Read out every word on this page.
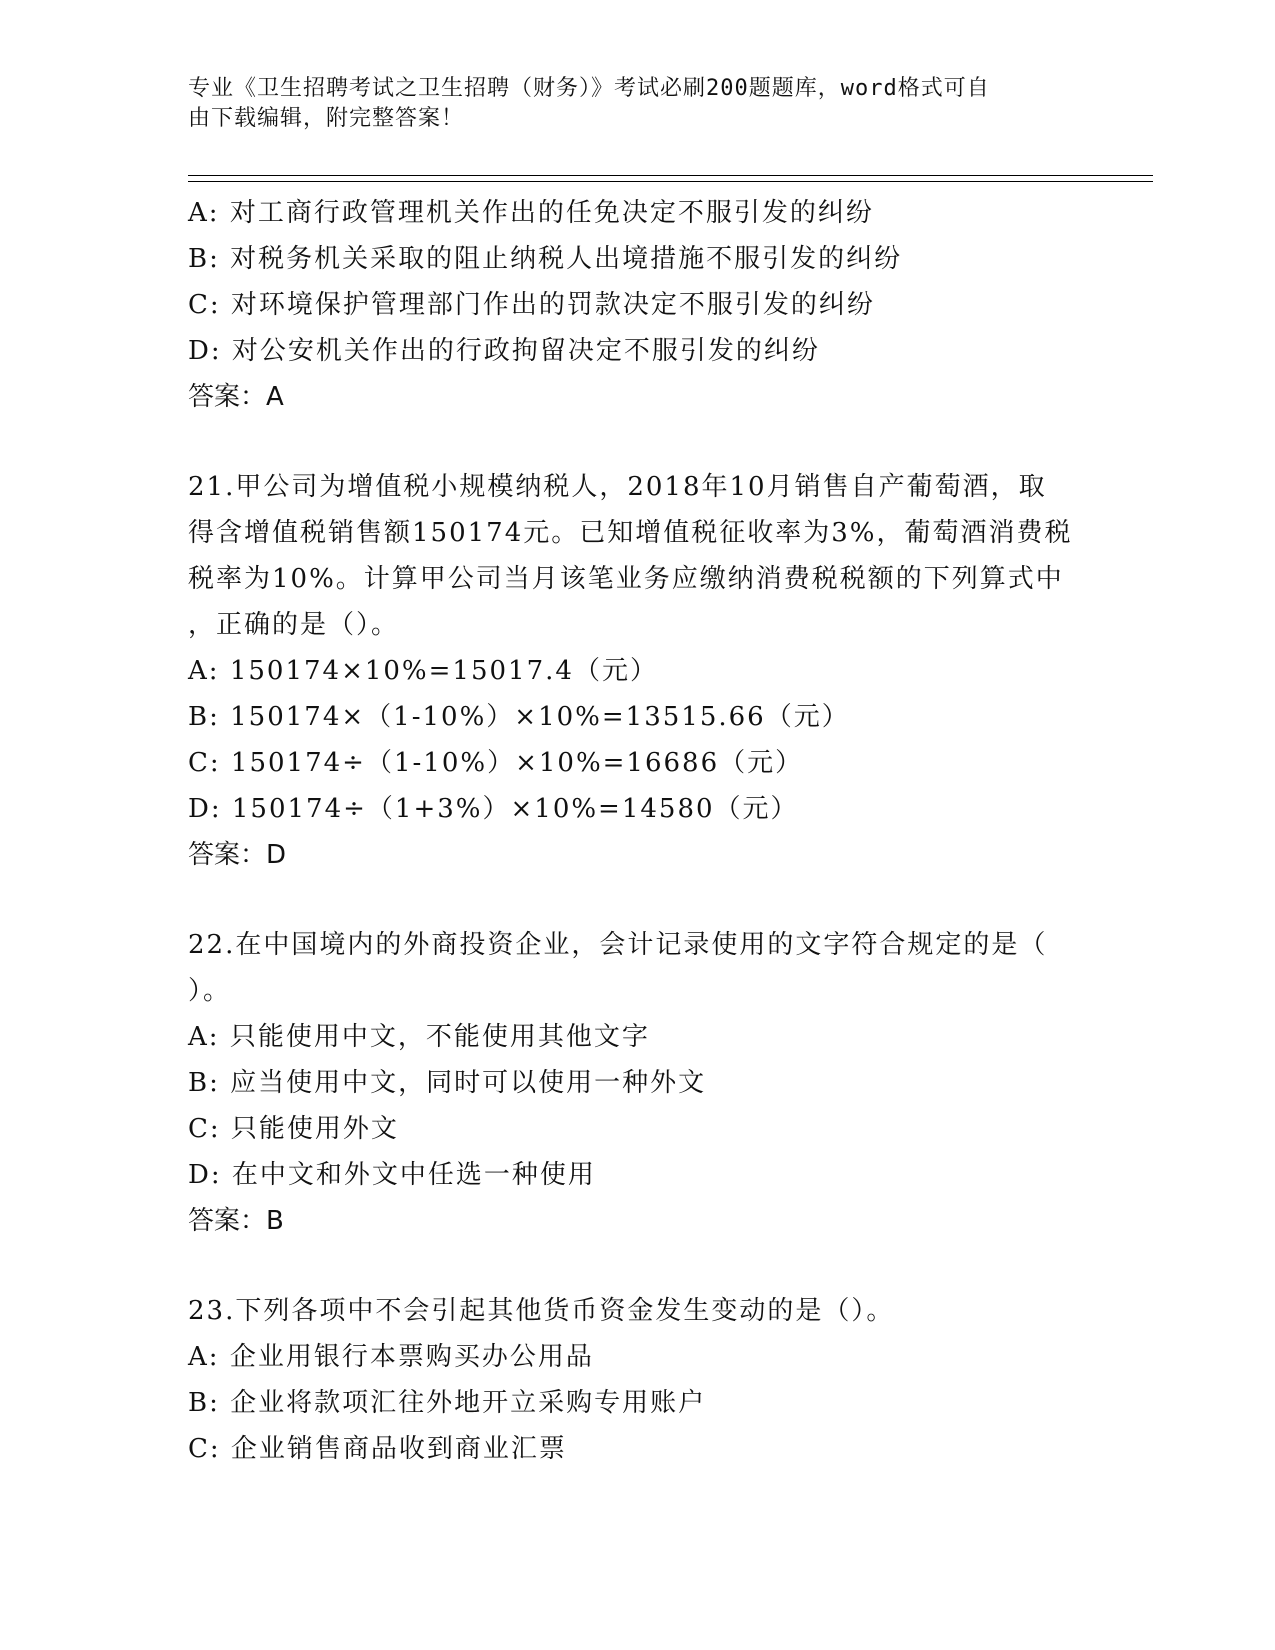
专业《卫生招聘考试之卫生招聘（财务）》考试必刷200题题库，word格式可自
由下载编辑，附完整答案！
A: 对工商行政管理机关作出的任免决定不服引发的纠纷
B: 对税务机关采取的阻止纳税人出境措施不服引发的纠纷
C: 对环境保护管理部门作出的罚款决定不服引发的纠纷
D: 对公安机关作出的行政拘留决定不服引发的纠纷
答案：A
21.甲公司为增值税小规模纳税人，2018年10月销售自产葡萄酒，取
得含增值税销售额150174元。已知增值税征收率为3%，葡萄酒消费税
税率为10%。计算甲公司当月该笔业务应缴纳消费税税额的下列算式中
，正确的是（）。
A: 150174×10%=15017.4（元）
B: 150174×（1-10%）×10%=13515.66（元）
C: 150174÷（1-10%）×10%=16686（元）
D: 150174÷（1+3%）×10%=14580（元）
答案：D
22.在中国境内的外商投资企业，会计记录使用的文字符合规定的是（
）。
A: 只能使用中文，不能使用其他文字
B: 应当使用中文，同时可以使用一种外文
C: 只能使用外文
D: 在中文和外文中任选一种使用
答案：B
23.下列各项中不会引起其他货币资金发生变动的是（）。
A: 企业用银行本票购买办公用品
B: 企业将款项汇往外地开立采购专用账户
C: 企业销售商品收到商业汇票
